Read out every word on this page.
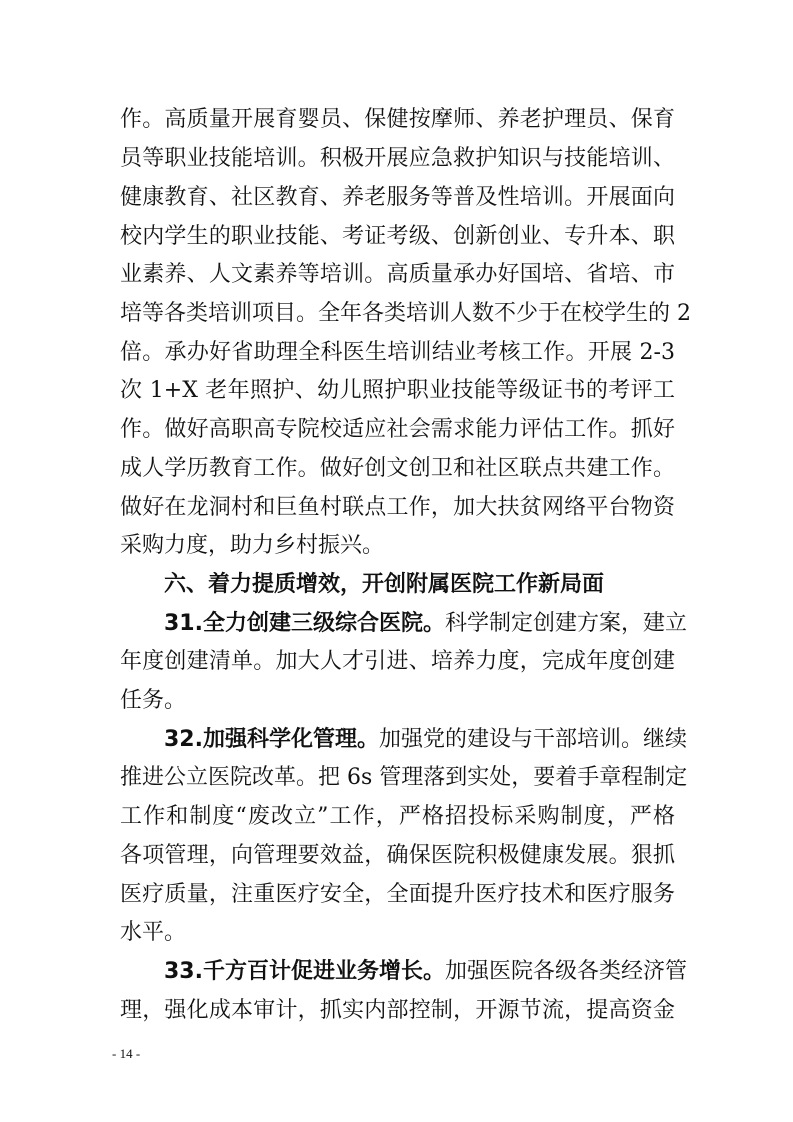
作。高质量开展育婴员、保健按摩师、养老护理员、保育
员等职业技能培训。积极开展应急救护知识与技能培训、
健康教育、社区教育、养老服务等普及性培训。开展面向
校内学生的职业技能、考证考级、创新创业、专升本、职
业素养、人文素养等培训。高质量承办好国培、省培、市
培等各类培训项目。全年各类培训人数不少于在校学生的 2
倍。承办好省助理全科医生培训结业考核工作。开展 2-3
次 1+X 老年照护、幼儿照护职业技能等级证书的考评工
作。做好高职高专院校适应社会需求能力评估工作。抓好
成人学历教育工作。做好创文创卫和社区联点共建工作。
做好在龙洞村和巨鱼村联点工作，加大扶贫网络平台物资
采购力度，助力乡村振兴。
六、着力提质增效，开创附属医院工作新局面
31.全力创建三级综合医院。科学制定创建方案，建立
年度创建清单。加大人才引进、培养力度，完成年度创建
任务。
32.加强科学化管理。加强党的建设与干部培训。继续
推进公立医院改革。把 6s 管理落到实处，要着手章程制定
工作和制度“废改立”工作，严格招投标采购制度，严格
各项管理，向管理要效益，确保医院积极健康发展。狠抓
医疗质量，注重医疗安全，全面提升医疗技术和医疗服务
水平。
33.千方百计促进业务增长。加强医院各级各类经济管
理，强化成本审计，抓实内部控制，开源节流，提高资金
- 14 -
